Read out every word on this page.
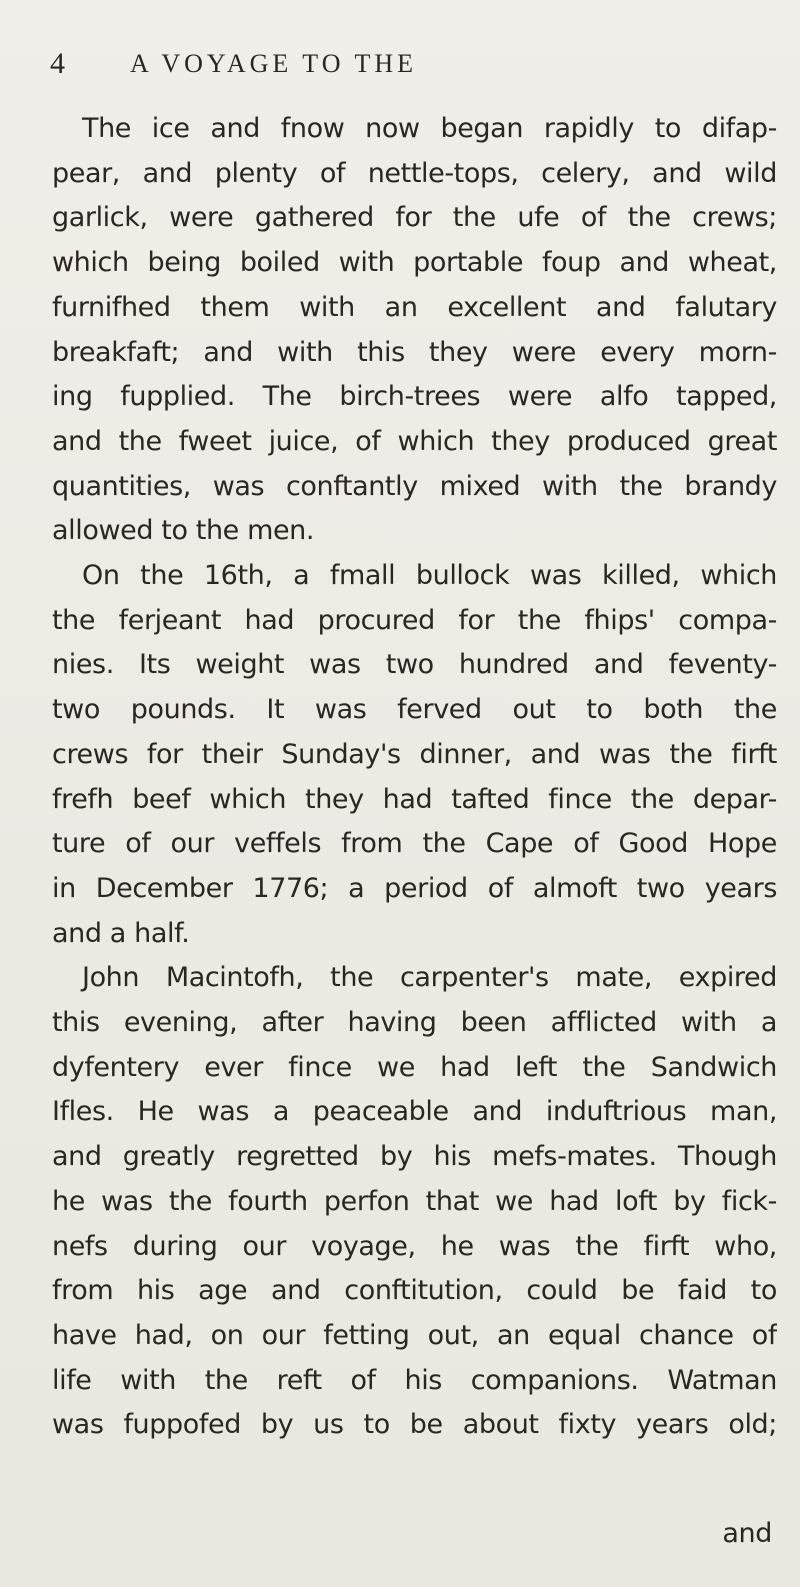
4	A VOYAGE TO THE
The ice and fnow now began rapidly to difap-
pear, and plenty of nettle-tops, celery, and wild
garlick, were gathered for the ufe of the crews;
which being boiled with portable foup and wheat,
furnifhed them with an excellent and falutary
breakfaft; and with this they were every morn-
ing fupplied. The birch-trees were alfo tapped,
and the fweet juice, of which they produced great
quantities, was conftantly mixed with the brandy
allowed to the men.
On the 16th, a fmall bullock was killed, which
the ferjeant had procured for the fhips' compa-
nies. Its weight was two hundred and feventy-
two pounds. It was ferved out to both the
crews for their Sunday's dinner, and was the firft
frefh beef which they had tafted fince the depar-
ture of our veffels from the Cape of Good Hope
in December 1776; a period of almoft two years
and a half.
John Macintofh, the carpenter's mate, expired
this evening, after having been afflicted with a
dyfentery ever fince we had left the Sandwich
Ifles. He was a peaceable and induftrious man,
and greatly regretted by his mefs-mates. Though
he was the fourth perfon that we had loft by fick-
nefs during our voyage, he was the firft who,
from his age and conftitution, could be faid to
have had, on our fetting out, an equal chance of
life with the reft of his companions. Watman
was fuppofed by us to be about fixty years old;
and
